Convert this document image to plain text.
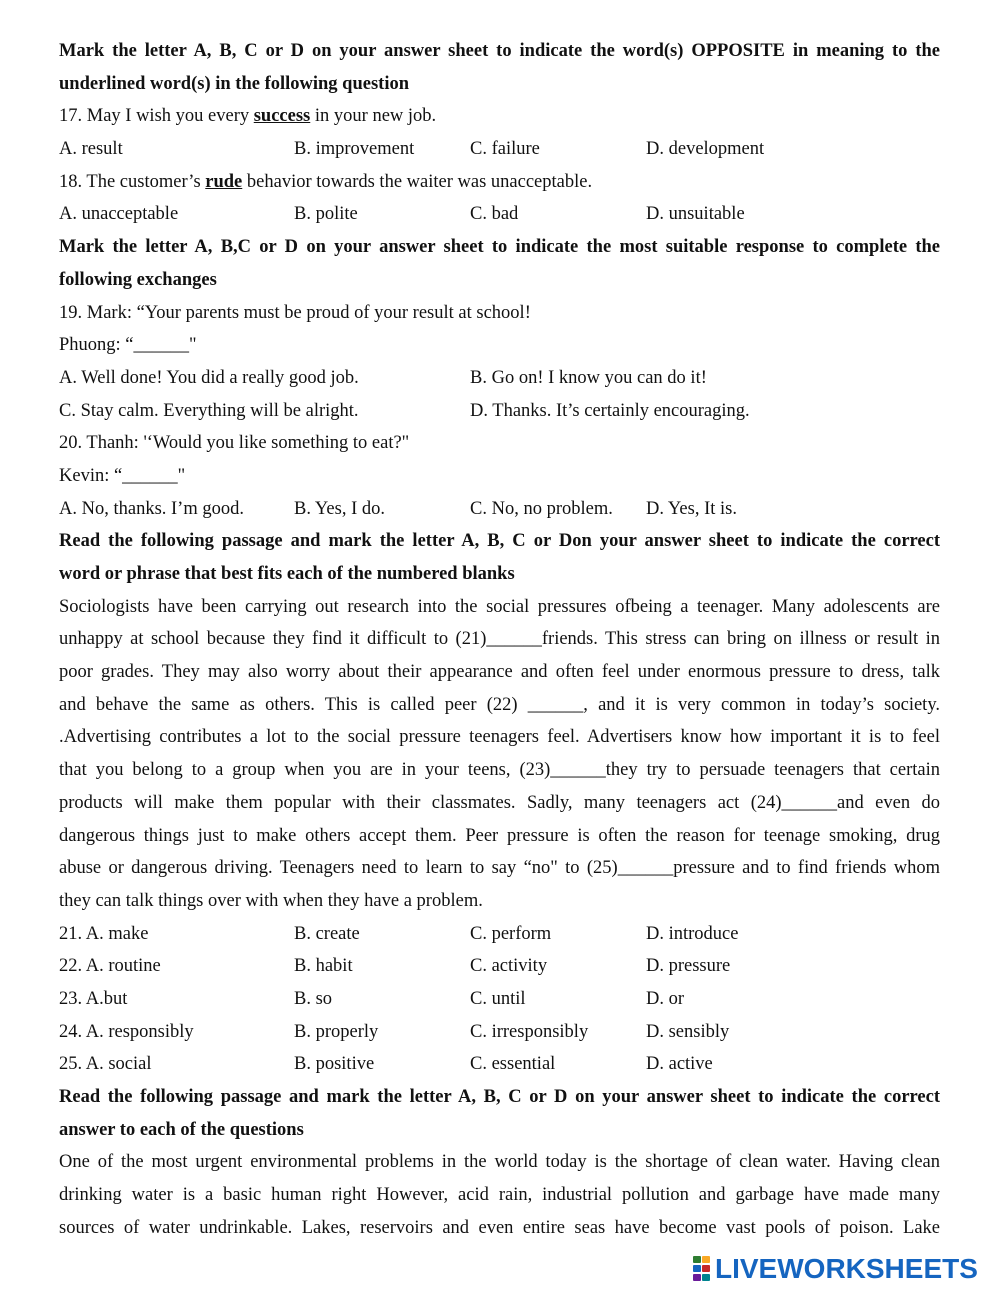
Mark the letter A, B, C or D on your answer sheet to indicate the word(s) OPPOSITE in meaning to the
underlined word(s) in the following question
17. May I wish you every success in your new job.
A. result	B. improvement	C. failure	D. development
18. The customer’s rude behavior towards the waiter was unacceptable.
A. unacceptable	B. polite	C. bad	D. unsuitable
Mark the letter A, B,C or D on your answer sheet to indicate the most suitable response to complete the
following exchanges
19. Mark: “Your parents must be proud of your result at school!
Phuong: “______"
A. Well done! You did a really good job.	B. Go on! I know you can do it!
C. Stay calm. Everything will be alright.	D. Thanks. It’s certainly encouraging.
20. Thanh: '‘Would you like something to eat?"
Kevin: “______"
A. No, thanks. I’m good.	B. Yes, I do.	C. No, no problem.	D. Yes, It is.
Read the following passage and mark the letter A, B, C or Don your answer sheet to indicate the correct
word or phrase that best fits each of the numbered blanks
Sociologists have been carrying out research into the social pressures ofbeing a teenager. Many adolescents are
unhappy at school because they find it difficult to (21)______friends. This stress can bring on illness or result in
poor grades. They may also worry about their appearance and often feel under enormous pressure to dress, talk
and behave the same as others. This is called peer (22) ______, and it is very common in today’s society.
.Advertising contributes a lot to the social pressure teenagers feel. Advertisers know how important it is to feel
that you belong to a group when you are in your teens, (23)______they try to persuade teenagers that certain
products will make them popular with their classmates. Sadly, many teenagers act (24)______and even do
dangerous things just to make others accept them. Peer pressure is often the reason for teenage smoking, drug
abuse or dangerous driving. Teenagers need to learn to say “no" to (25)______pressure and to find friends whom
they can talk things over with when they have a problem.
21. A. make	B. create	C. perform	D. introduce
22. A. routine	B. habit	C. activity	D. pressure
23. A.but	B. so	C. until	D. or
24. A. responsibly	B. properly	C. irresponsibly	D. sensibly
25. A. social	B. positive	C. essential	D. active
Read the following passage and mark the letter A, B, C or D on your answer sheet to indicate the correct
answer to each of the questions
One of the most urgent environmental problems in the world today is the shortage of clean water. Having clean
drinking water is a basic human right However, acid rain, industrial pollution and garbage have made many
sources of water undrinkable. Lakes, reservoirs and even entire seas have become vast pools of poison. Lake
LIVEWORKSHEETS
